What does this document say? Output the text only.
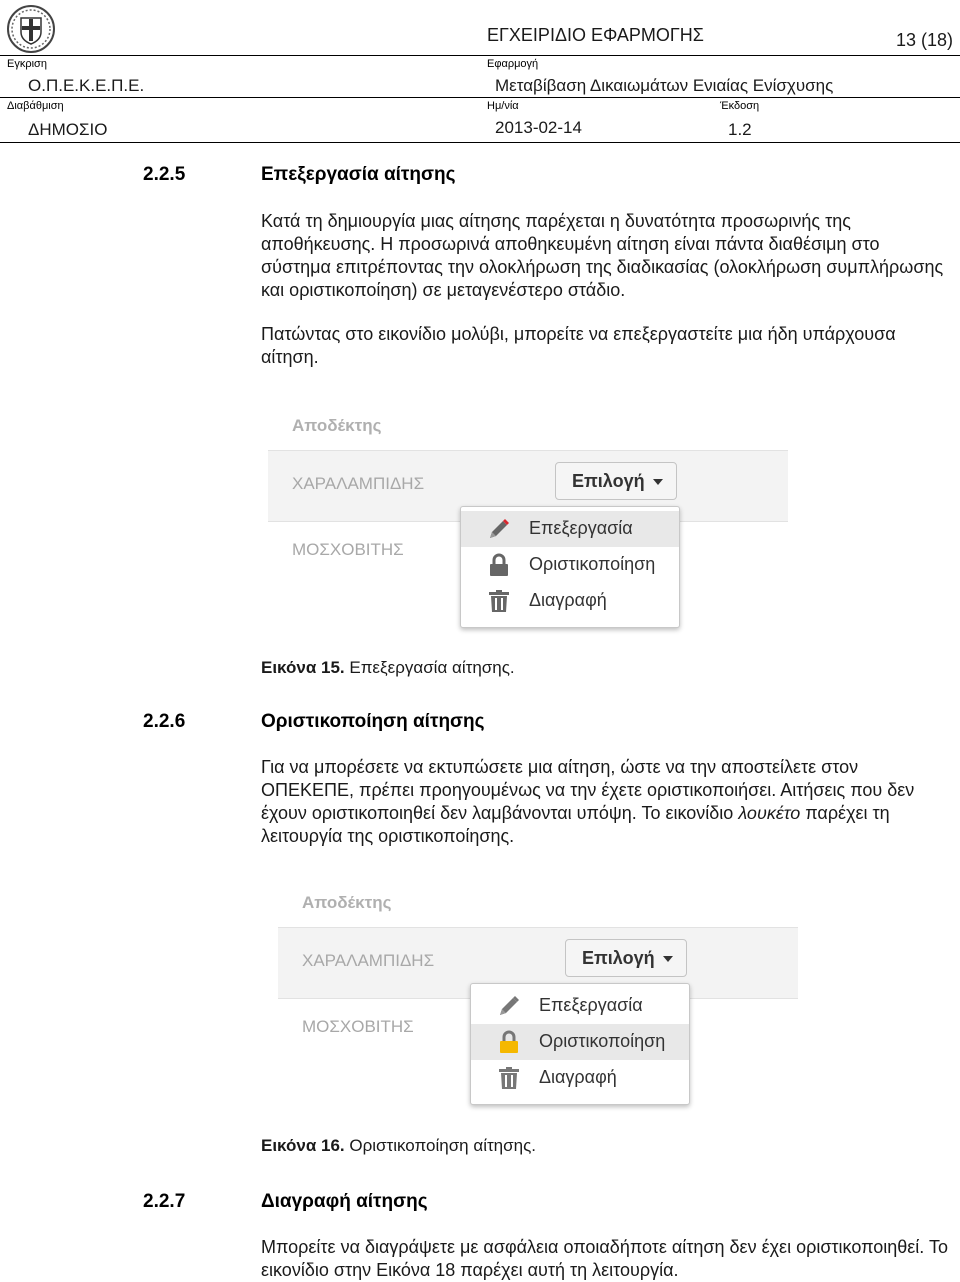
Εγκριση
Ο.Π.Ε.Κ.Ε.Π.Ε.
ΕΓΧΕΙΡΙΔΙΟ ΕΦΑΡΜΟΓΗΣ	13 (18)
Εφαρμογή
Μεταβίβαση Δικαιωμάτων Ενιαίας Ενίσχυσης
Διαβάθμιση
ΔΗΜΟΣΙΟ
Ημ/νία
2013-02-14
Έκδοση
1.2
2.2.5	Επεξεργασία αίτησης
Κατά τη δημιουργία μιας αίτησης παρέχεται η δυνατότητα προσωρινής της αποθήκευσης. Η προσωρινά αποθηκευμένη αίτηση είναι πάντα διαθέσιμη στο σύστημα επιτρέποντας την ολοκλήρωση της διαδικασίας (ολοκλήρωση συμπλήρωσης και οριστικοποίηση) σε μεταγενέστερο στάδιο.
Πατώντας στο εικονίδιο μολύβι, μπορείτε να επεξεργαστείτε μια ήδη υπάρχουσα αίτηση.
Αποδέκτης
ΧΑΡΑΛΑΜΠΙΔΗΣ
ΜΟΣΧΟΒΙΤΗΣ
Επιλογή
Επεξεργασία
Οριστικοποίηση
Διαγραφή
Εικόνα 15. Επεξεργασία αίτησης.
2.2.6	Οριστικοποίηση αίτησης
Για να μπορέσετε να εκτυπώσετε μια αίτηση, ώστε να την αποστείλετε στον ΟΠΕΚΕΠΕ, πρέπει προηγουμένως να την έχετε οριστικοποιήσει. Αιτήσεις που δεν έχουν οριστικοποιηθεί δεν λαμβάνονται υπόψη. Το εικονίδιο λουκέτο παρέχει τη λειτουργία της οριστικοποίησης.
Αποδέκτης
ΧΑΡΑΛΑΜΠΙΔΗΣ
ΜΟΣΧΟΒΙΤΗΣ
Επιλογή
Επεξεργασία
Οριστικοποίηση
Διαγραφή
Εικόνα 16. Οριστικοποίηση αίτησης.
2.2.7	Διαγραφή αίτησης
Μπορείτε να διαγράψετε με ασφάλεια οποιαδήποτε αίτηση δεν έχει οριστικοποιηθεί. Το εικονίδιο στην Εικόνα 18 παρέχει αυτή τη λειτουργία.
